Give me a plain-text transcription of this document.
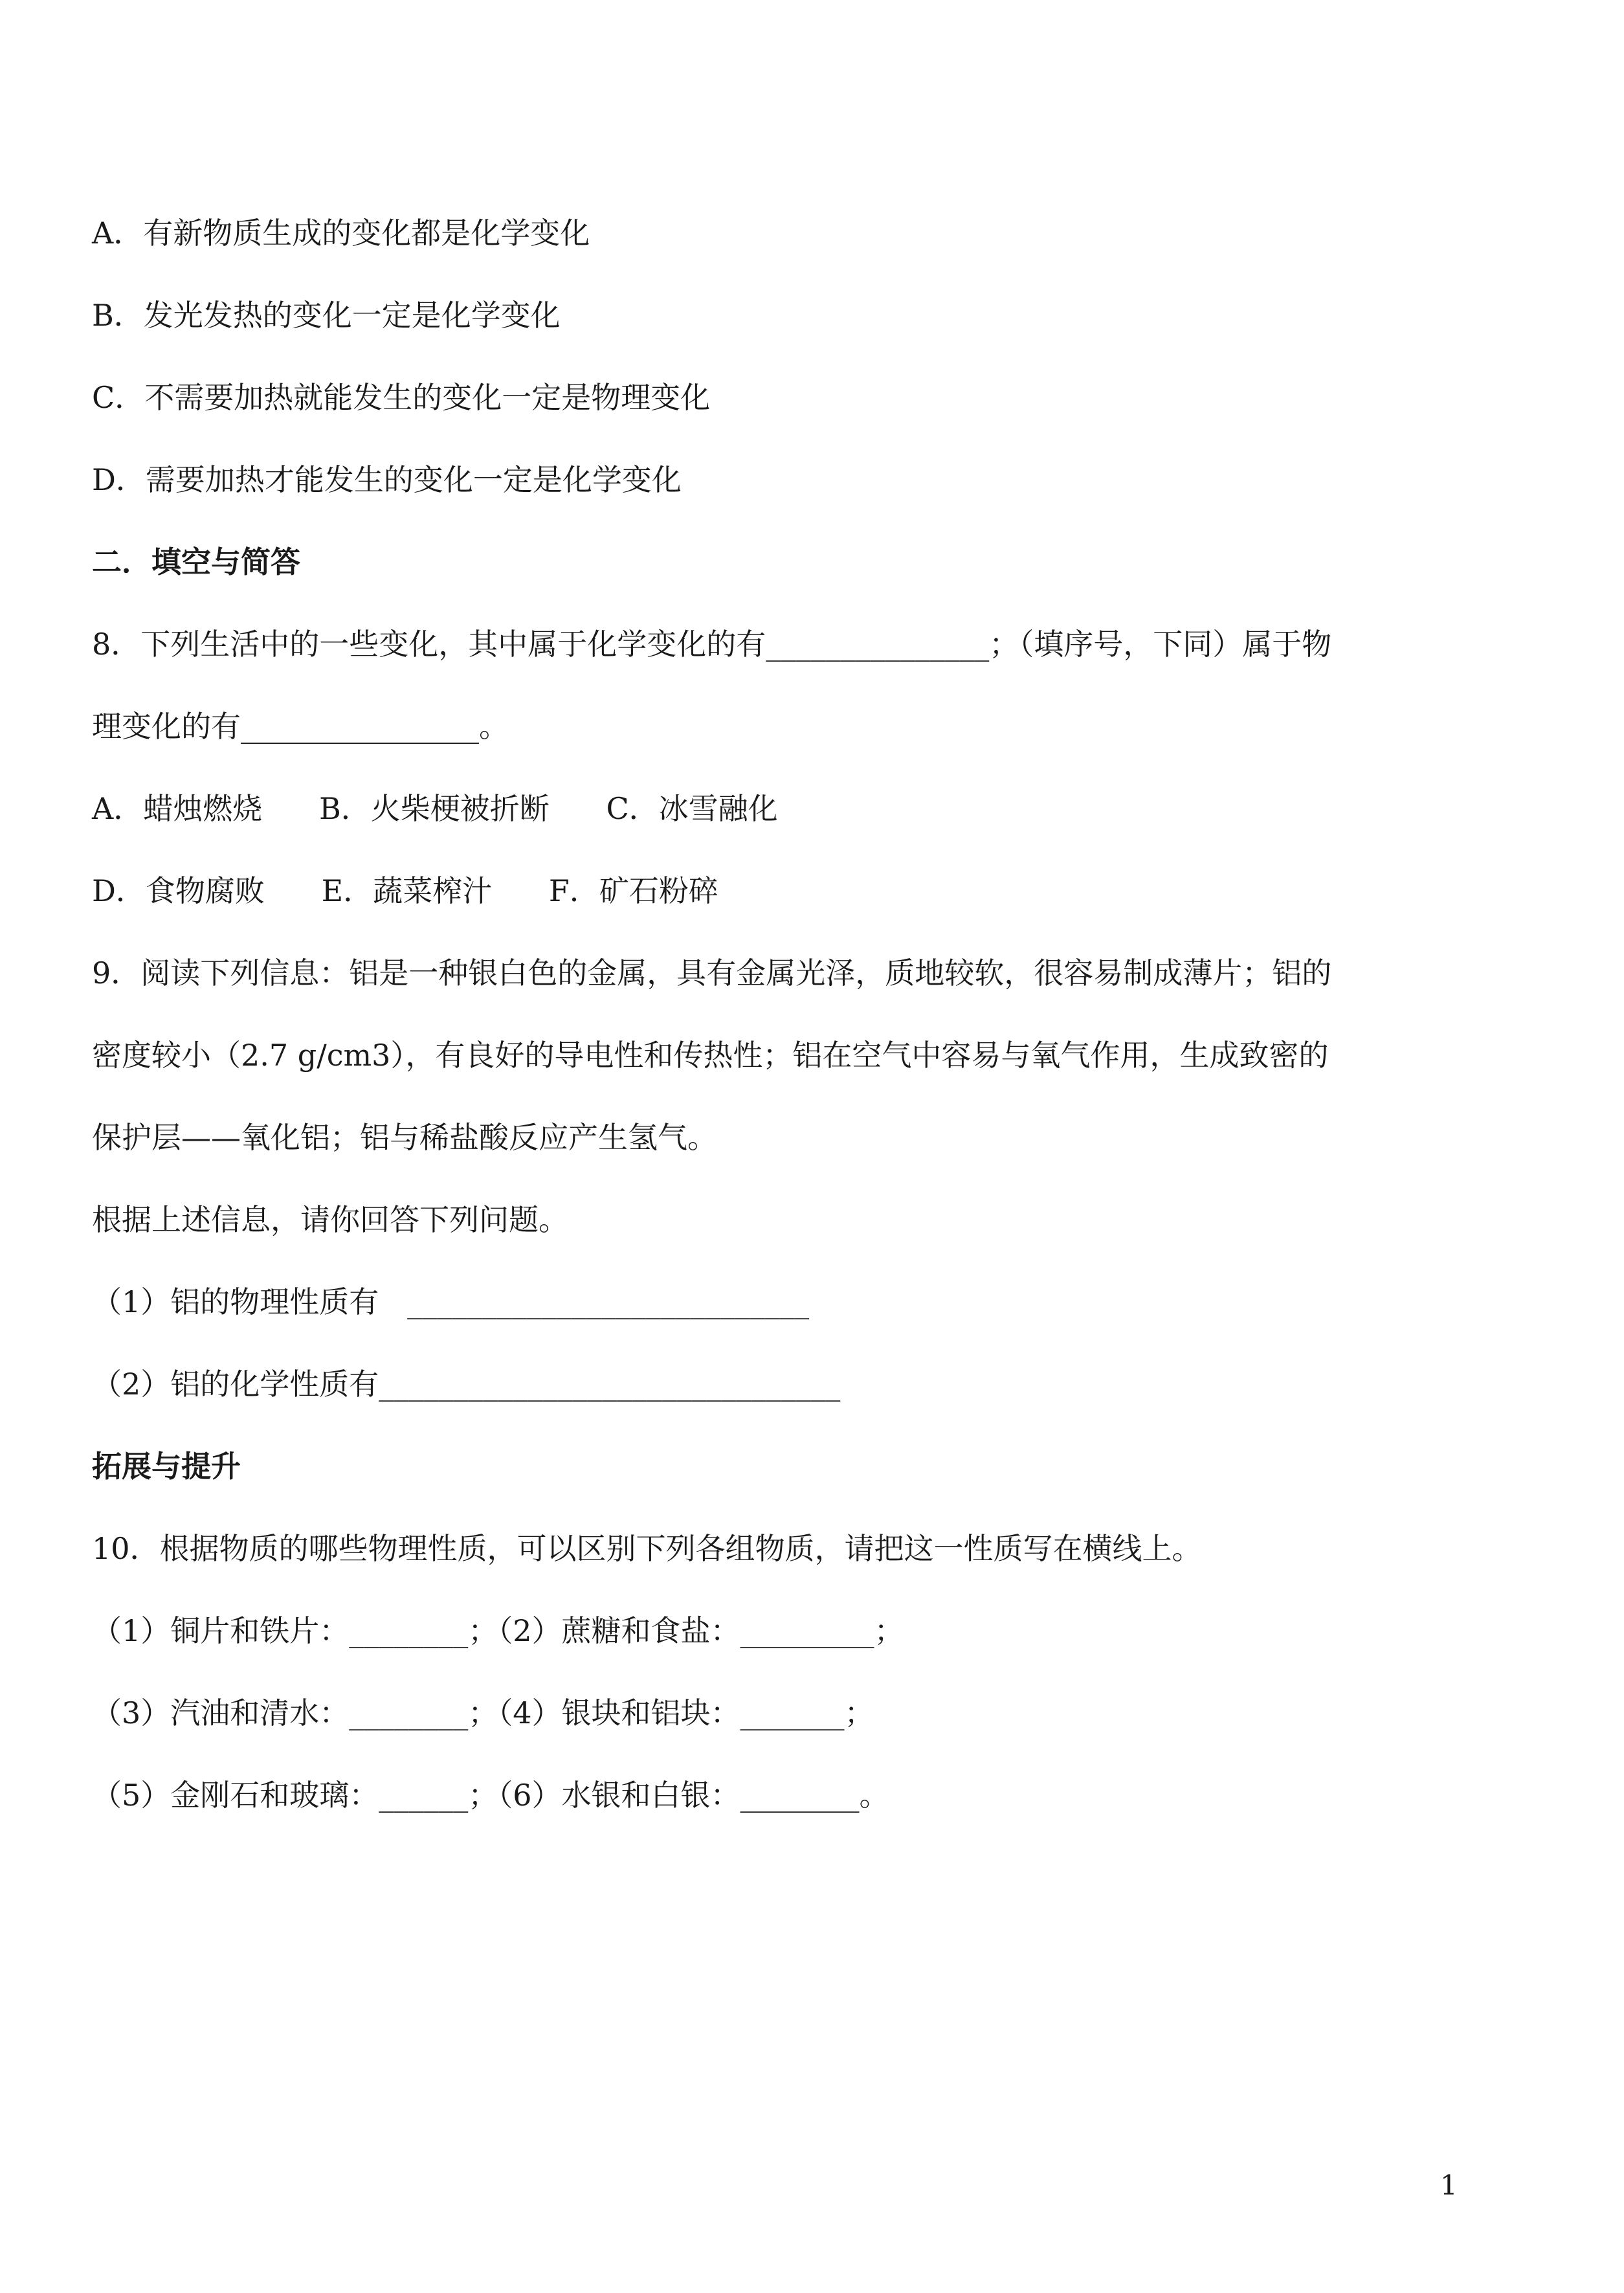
A．有新物质生成的变化都是化学变化
B．发光发热的变化一定是化学变化
C．不需要加热就能发生的变化一定是物理变化
D．需要加热才能发生的变化一定是化学变化
二．填空与简答
8．下列生活中的一些变化，其中属于化学变化的有_______________；（填序号，下同）属于物
理变化的有________________。
A．蜡烛燃烧      B．火柴梗被折断      C．冰雪融化
D．食物腐败      E．蔬菜榨汁      F．矿石粉碎
9．阅读下列信息：铝是一种银白色的金属，具有金属光泽，质地较软，很容易制成薄片；铝的
密度较小（2.7 g/cm3），有良好的导电性和传热性；铝在空气中容易与氧气作用，生成致密的
保护层——氧化铝；铝与稀盐酸反应产生氢气。
根据上述信息，请你回答下列问题。
（1）铝的物理性质有   ___________________________
（2）铝的化学性质有_______________________________
拓展与提升
10．根据物质的哪些物理性质，可以区别下列各组物质，请把这一性质写在横线上。
（1）铜片和铁片：________；（2）蔗糖和食盐：_________；
（3）汽油和清水：________；（4）银块和铝块：_______；
（5）金刚石和玻璃：______；（6）水银和白银：________。
1
